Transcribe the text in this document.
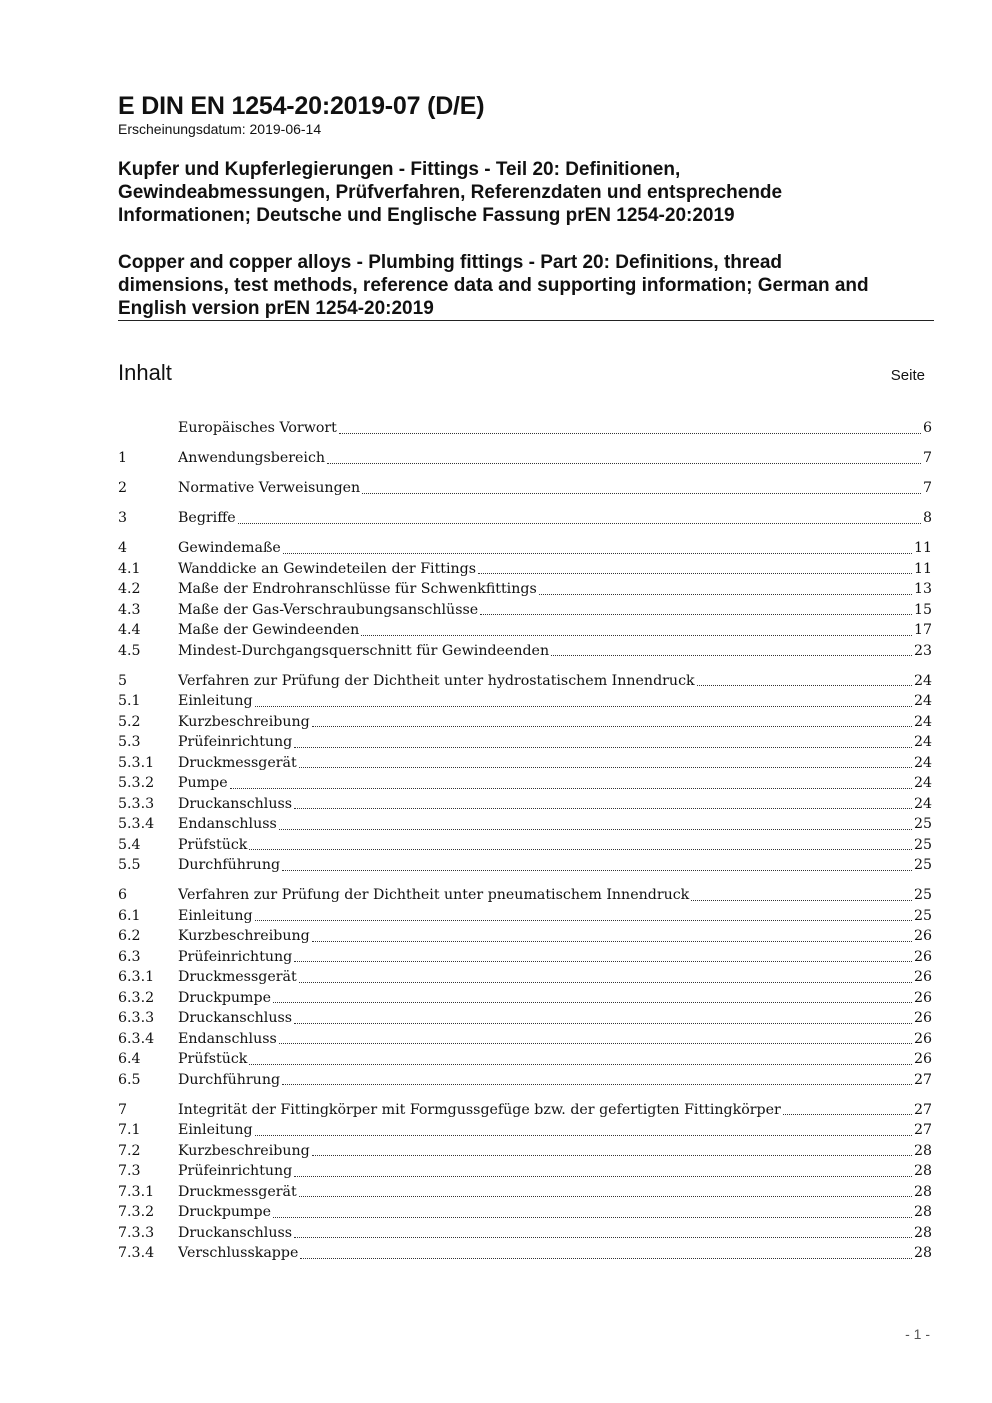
E DIN EN 1254-20:2019-07 (D/E)
Erscheinungsdatum: 2019-06-14
Kupfer und Kupferlegierungen - Fittings - Teil 20: Definitionen,
Gewindeabmessungen, Prüfverfahren, Referenzdaten und entsprechende
Informationen; Deutsche und Englische Fassung prEN 1254-20:2019
Copper and copper alloys - Plumbing fittings - Part 20: Definitions, thread
dimensions, test methods, reference data and supporting information; German and
English version prEN 1254-20:2019
Inhalt	Seite
Europäisches Vorwort	6
1	Anwendungsbereich	7
2	Normative Verweisungen	7
3	Begriffe	8
4	Gewindemaße	11
4.1	Wanddicke an Gewindeteilen der Fittings	11
4.2	Maße der Endrohranschlüsse für Schwenkfittings	13
4.3	Maße der Gas-Verschraubungsanschlüsse	15
4.4	Maße der Gewindeenden	17
4.5	Mindest-Durchgangsquerschnitt für Gewindeenden	23
5	Verfahren zur Prüfung der Dichtheit unter hydrostatischem Innendruck	24
5.1	Einleitung	24
5.2	Kurzbeschreibung	24
5.3	Prüfeinrichtung	24
5.3.1	Druckmessgerät	24
5.3.2	Pumpe	24
5.3.3	Druckanschluss	24
5.3.4	Endanschluss	25
5.4	Prüfstück	25
5.5	Durchführung	25
6	Verfahren zur Prüfung der Dichtheit unter pneumatischem Innendruck	25
6.1	Einleitung	25
6.2	Kurzbeschreibung	26
6.3	Prüfeinrichtung	26
6.3.1	Druckmessgerät	26
6.3.2	Druckpumpe	26
6.3.3	Druckanschluss	26
6.3.4	Endanschluss	26
6.4	Prüfstück	26
6.5	Durchführung	27
7	Integrität der Fittingkörper mit Formgussgefüge bzw. der gefertigten Fittingkörper	27
7.1	Einleitung	27
7.2	Kurzbeschreibung	28
7.3	Prüfeinrichtung	28
7.3.1	Druckmessgerät	28
7.3.2	Druckpumpe	28
7.3.3	Druckanschluss	28
7.3.4	Verschlusskappe	28
- 1 -
